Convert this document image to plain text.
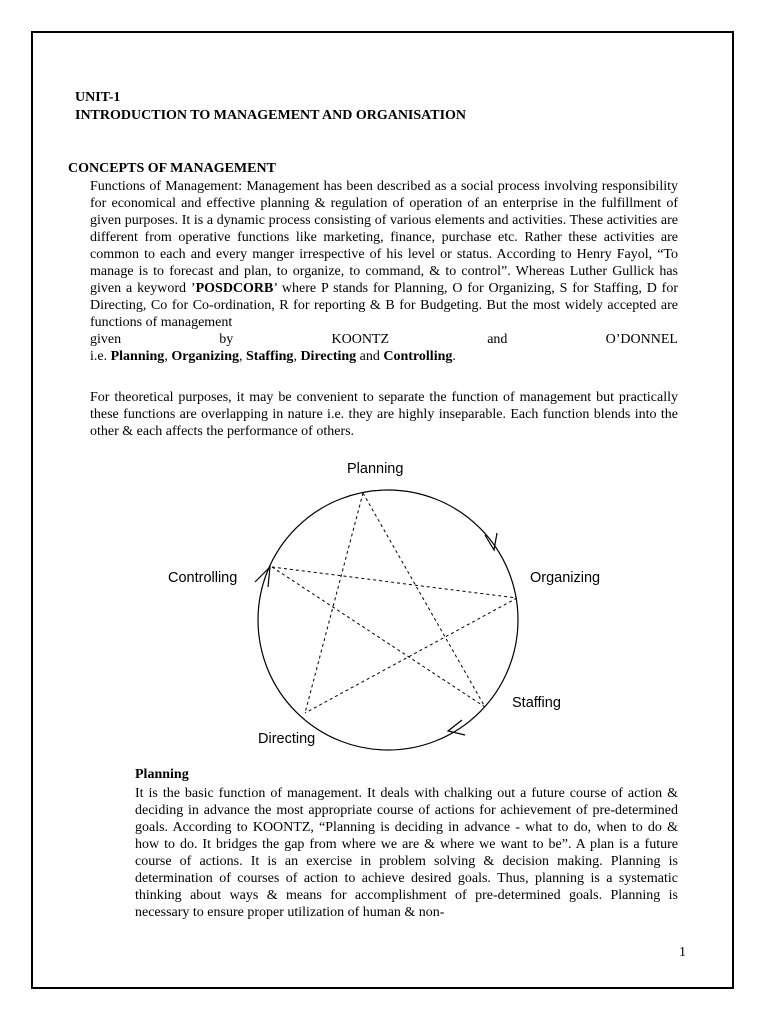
UNIT-1
INTRODUCTION TO MANAGEMENT AND ORGANISATION
CONCEPTS OF MANAGEMENT
Functions of Management: Management has been described as a social process involving responsibility for economical and effective planning & regulation of operation of an enterprise in the fulfillment of given purposes. It is a dynamic process consisting of various elements and activities. These activities are different from operative functions like marketing, finance, purchase etc. Rather these activities are common to each and every manger irrespective of his level or status. According to Henry Fayol, “To manage is to forecast and plan, to organize, to command, & to control”. Whereas Luther Gullick has given a keyword ’POSDCORB’ where P stands for Planning, O for Organizing, S for Staffing, D for Directing, Co for Co-ordination, R for reporting & B for Budgeting. But the most widely accepted are functions of management
given	by	KOONTZ	and	O’DONNEL
i.e. Planning, Organizing, Staffing, Directing and Controlling.
For theoretical purposes, it may be convenient to separate the function of management but practically these functions are overlapping in nature i.e. they are highly inseparable. Each function blends into the other & each affects the performance of others.
Planning
Organizing
Staffing
Directing
Controlling
Planning
It is the basic function of management. It deals with chalking out a future course of action & deciding in advance the most appropriate course of actions for achievement of pre-determined goals. According to KOONTZ, “Planning is deciding in advance - what to do, when to do & how to do. It bridges the gap from where we are & where we want to be”. A plan is a future course of actions. It is an exercise in problem solving & decision making. Planning is determination of courses of action to achieve desired goals. Thus, planning is a systematic thinking about ways & means for accomplishment of pre-determined goals. Planning is necessary to ensure proper utilization of human & non-
1
